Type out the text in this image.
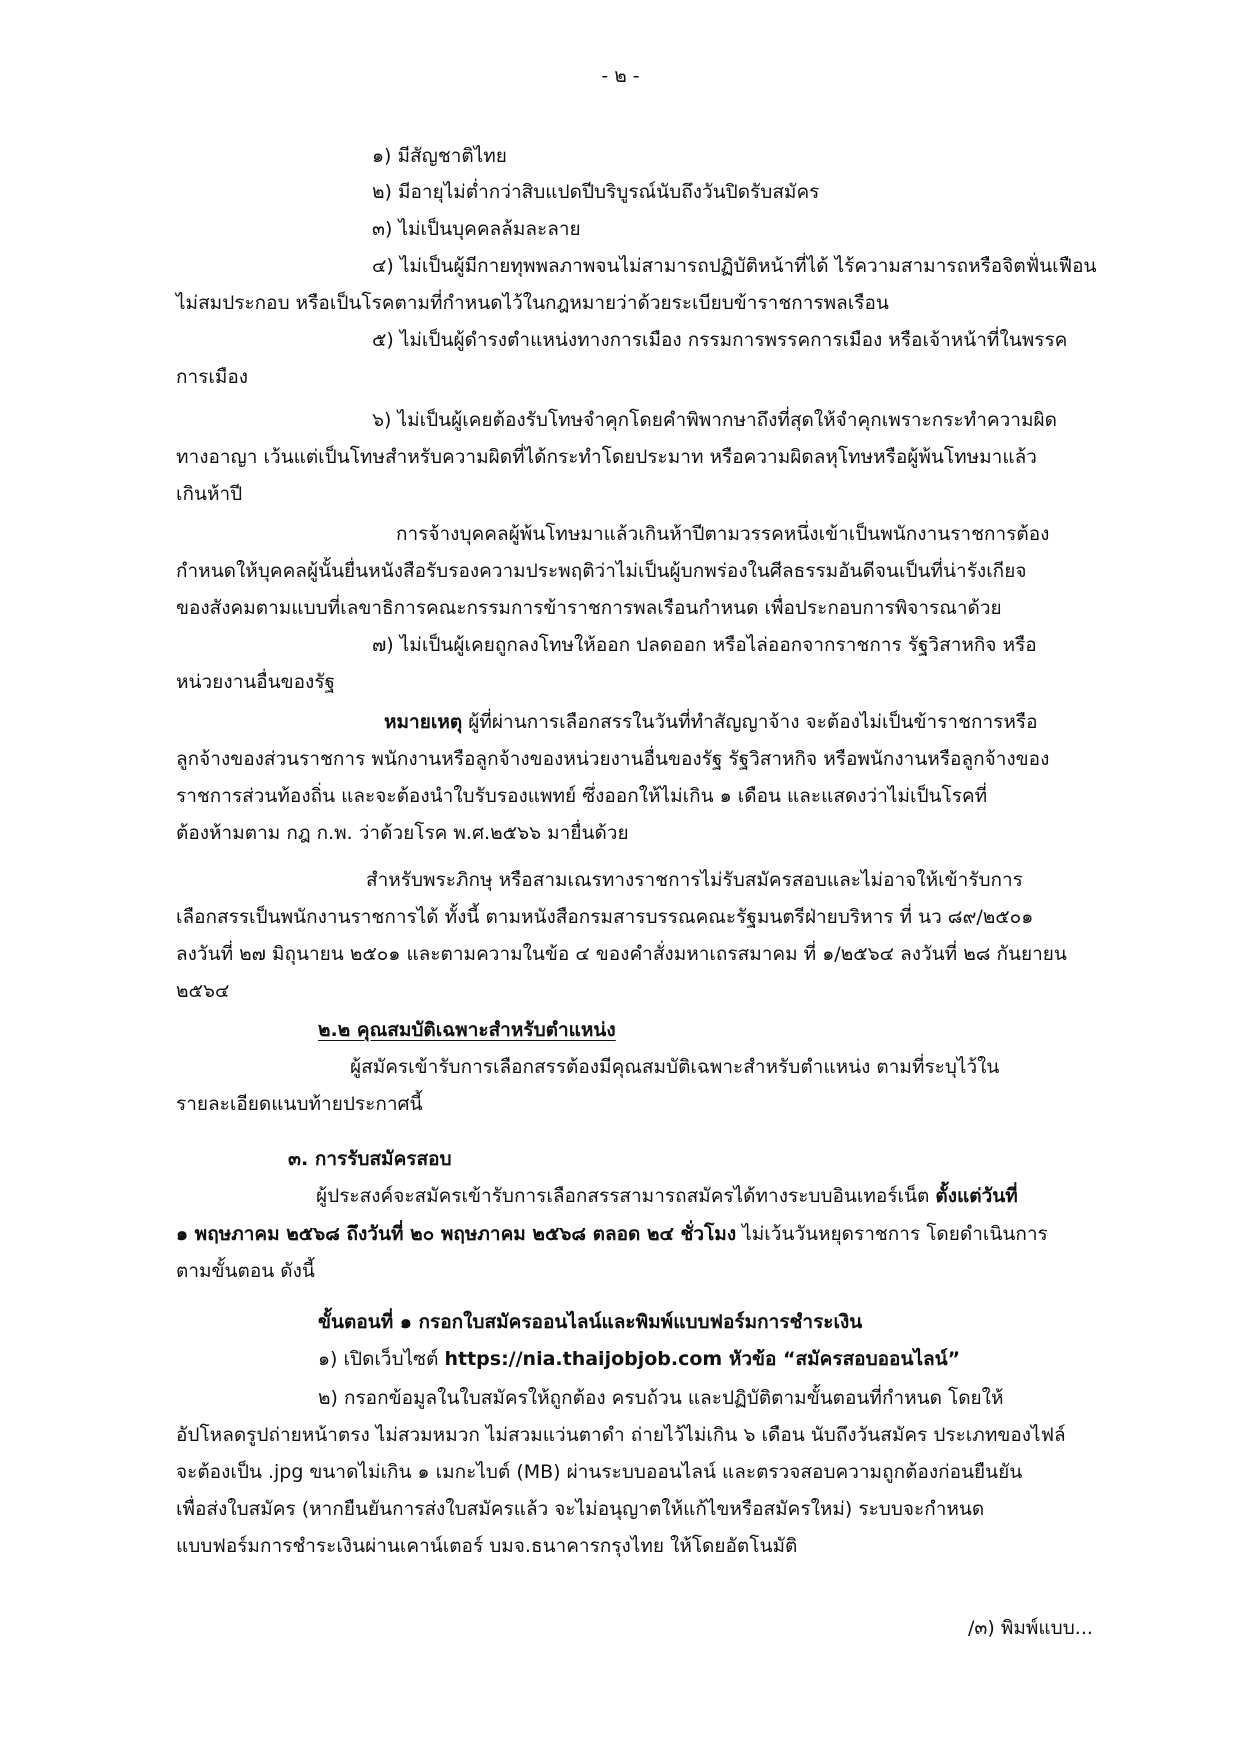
- ๒ -
๑) มีสัญชาติไทย
๒) มีอายุไม่ต่ำกว่าสิบแปดปีบริบูรณ์นับถึงวันปิดรับสมัคร
๓) ไม่เป็นบุคคลล้มละลาย
๔) ไม่เป็นผู้มีกายทุพพลภาพจนไม่สามารถปฏิบัติหน้าที่ได้ ไร้ความสามารถหรือจิตฟั่นเฟือน
ไม่สมประกอบ หรือเป็นโรคตามที่กำหนดไว้ในกฎหมายว่าด้วยระเบียบข้าราชการพลเรือน
๕) ไม่เป็นผู้ดำรงตำแหน่งทางการเมือง กรรมการพรรคการเมือง หรือเจ้าหน้าที่ในพรรค
การเมือง
๖) ไม่เป็นผู้เคยต้องรับโทษจำคุกโดยคำพิพากษาถึงที่สุดให้จำคุกเพราะกระทำความผิด
ทางอาญา เว้นแต่เป็นโทษสำหรับความผิดที่ได้กระทำโดยประมาท หรือความผิดลหุโทษหรือผู้พ้นโทษมาแล้ว
เกินห้าปี
การจ้างบุคคลผู้พ้นโทษมาแล้วเกินห้าปีตามวรรคหนึ่งเข้าเป็นพนักงานราชการต้อง
กำหนดให้บุคคลผู้นั้นยื่นหนังสือรับรองความประพฤติว่าไม่เป็นผู้บกพร่องในศีลธรรมอันดีจนเป็นที่น่ารังเกียจ
ของสังคมตามแบบที่เลขาธิการคณะกรรมการข้าราชการพลเรือนกำหนด เพื่อประกอบการพิจารณาด้วย
๗) ไม่เป็นผู้เคยถูกลงโทษให้ออก ปลดออก หรือไล่ออกจากราชการ รัฐวิสาหกิจ หรือ
หน่วยงานอื่นของรัฐ
หมายเหตุ ผู้ที่ผ่านการเลือกสรรในวันที่ทำสัญญาจ้าง จะต้องไม่เป็นข้าราชการหรือ
ลูกจ้างของส่วนราชการ พนักงานหรือลูกจ้างของหน่วยงานอื่นของรัฐ รัฐวิสาหกิจ หรือพนักงานหรือลูกจ้างของ
ราชการส่วนท้องถิ่น และจะต้องนำใบรับรองแพทย์ ซึ่งออกให้ไม่เกิน ๑ เดือน และแสดงว่าไม่เป็นโรคที่
ต้องห้ามตาม กฎ ก.พ. ว่าด้วยโรค พ.ศ.๒๕๖๖ มายื่นด้วย
สำหรับพระภิกษุ หรือสามเณรทางราชการไม่รับสมัครสอบและไม่อาจให้เข้ารับการ
เลือกสรรเป็นพนักงานราชการได้ ทั้งนี้ ตามหนังสือกรมสารบรรณคณะรัฐมนตรีฝ่ายบริหาร ที่ นว ๘๙/๒๕๐๑
ลงวันที่ ๒๗ มิถุนายน ๒๕๐๑ และตามความในข้อ ๔ ของคำสั่งมหาเถรสมาคม ที่ ๑/๒๕๖๔ ลงวันที่ ๒๘ กันยายน
๒๕๖๔
๒.๒ คุณสมบัติเฉพาะสำหรับตำแหน่ง
ผู้สมัครเข้ารับการเลือกสรรต้องมีคุณสมบัติเฉพาะสำหรับตำแหน่ง ตามที่ระบุไว้ใน
รายละเอียดแนบท้ายประกาศนี้
๓. การรับสมัครสอบ
ผู้ประสงค์จะสมัครเข้ารับการเลือกสรรสามารถสมัครได้ทางระบบอินเทอร์เน็ต ตั้งแต่วันที่
๑ พฤษภาคม ๒๕๖๘ ถึงวันที่ ๒๐ พฤษภาคม ๒๕๖๘ ตลอด ๒๔ ชั่วโมง ไม่เว้นวันหยุดราชการ โดยดำเนินการ
ตามขั้นตอน ดังนี้
ขั้นตอนที่ ๑ กรอกใบสมัครออนไลน์และพิมพ์แบบฟอร์มการชำระเงิน
๑) เปิดเว็บไซต์ https://nia.thaijobjob.com หัวข้อ “สมัครสอบออนไลน์”
๒) กรอกข้อมูลในใบสมัครให้ถูกต้อง ครบถ้วน และปฏิบัติตามขั้นตอนที่กำหนด โดยให้
อัปโหลดรูปถ่ายหน้าตรง ไม่สวมหมวก ไม่สวมแว่นตาดำ ถ่ายไว้ไม่เกิน ๖ เดือน นับถึงวันสมัคร ประเภทของไฟล์
จะต้องเป็น .jpg ขนาดไม่เกิน ๑ เมกะไบต์ (MB) ผ่านระบบออนไลน์ และตรวจสอบความถูกต้องก่อนยืนยัน
เพื่อส่งใบสมัคร (หากยืนยันการส่งใบสมัครแล้ว จะไม่อนุญาตให้แก้ไขหรือสมัครใหม่) ระบบจะกำหนด
แบบฟอร์มการชำระเงินผ่านเคาน์เตอร์ บมจ.ธนาคารกรุงไทย ให้โดยอัตโนมัติ
/๓) พิมพ์แบบ...
